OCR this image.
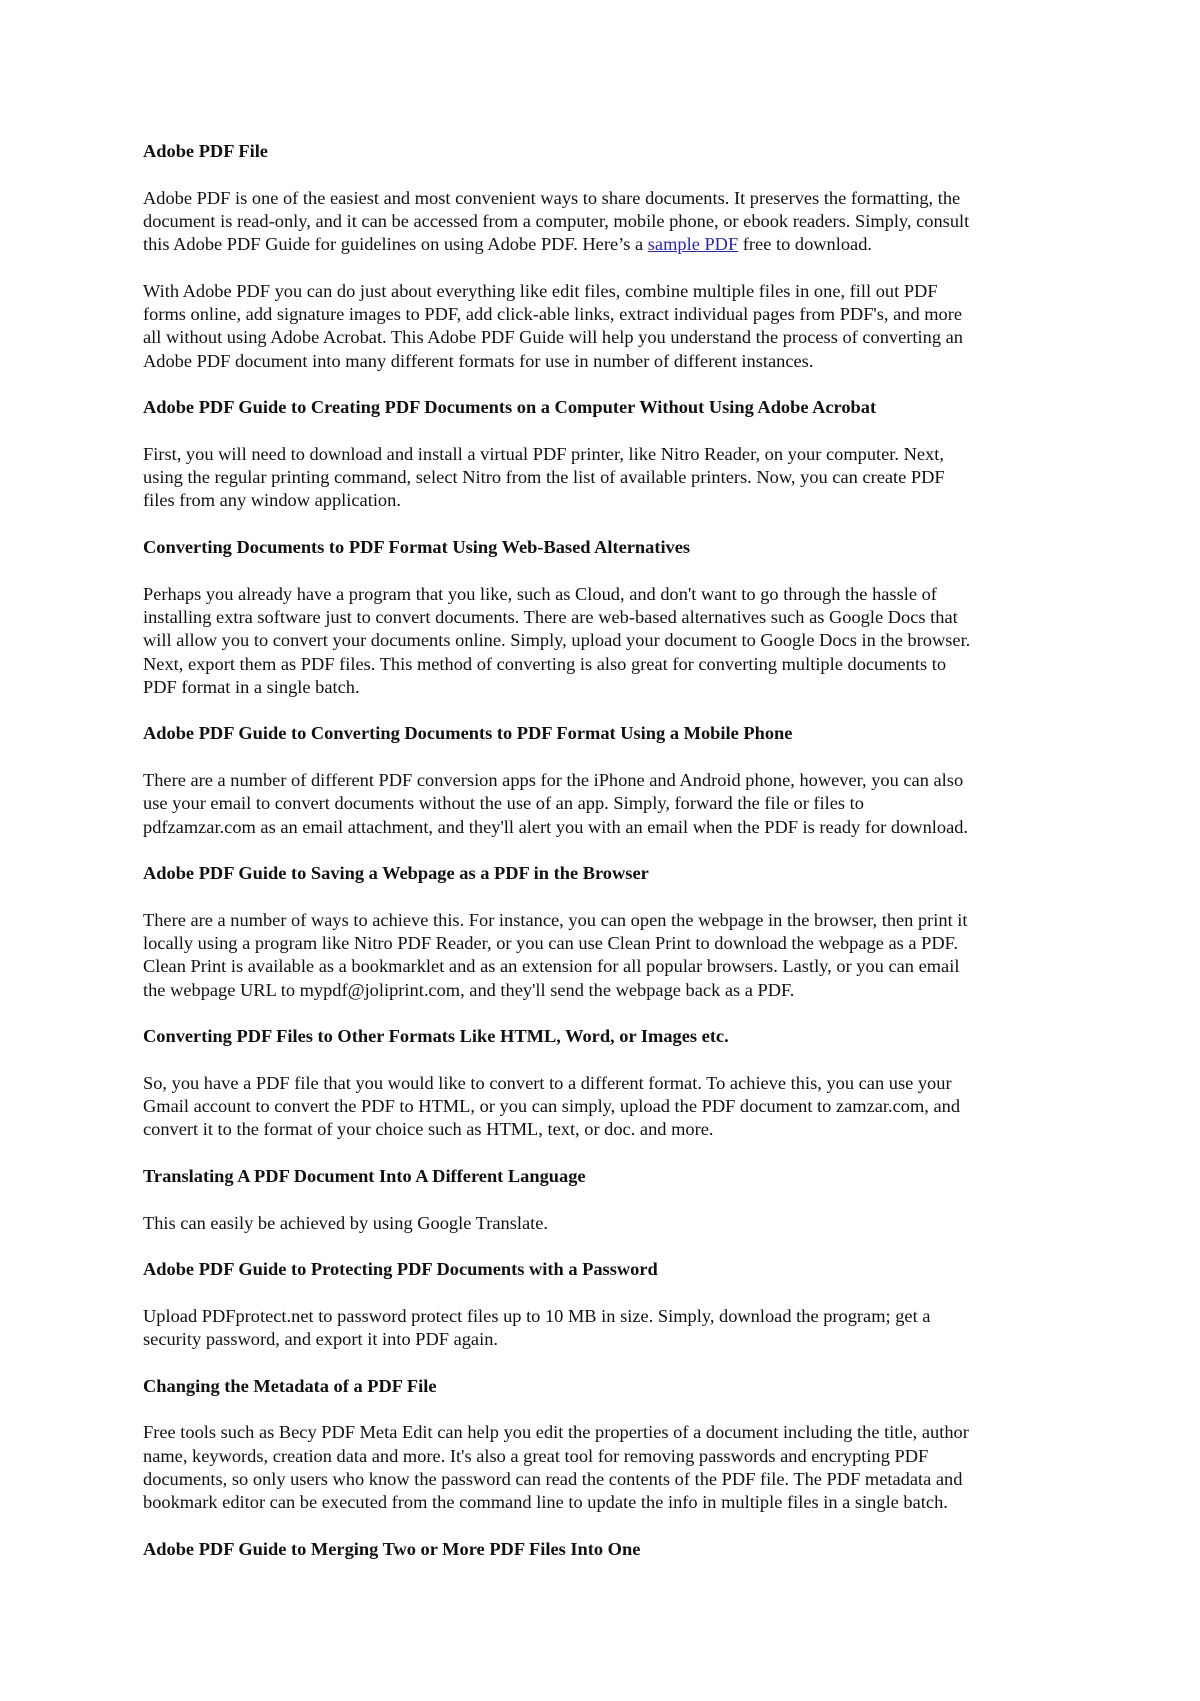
Adobe PDF File
Adobe PDF is one of the easiest and most convenient ways to share documents. It preserves the formatting, the
document is read-only, and it can be accessed from a computer, mobile phone, or ebook readers. Simply, consult
this Adobe PDF Guide for guidelines on using Adobe PDF. Here’s a sample PDF free to download.
With Adobe PDF you can do just about everything like edit files, combine multiple files in one, fill out PDF
forms online, add signature images to PDF, add click-able links, extract individual pages from PDF's, and more
all without using Adobe Acrobat. This Adobe PDF Guide will help you understand the process of converting an
Adobe PDF document into many different formats for use in number of different instances.
Adobe PDF Guide to Creating PDF Documents on a Computer Without Using Adobe Acrobat
First, you will need to download and install a virtual PDF printer, like Nitro Reader, on your computer. Next,
using the regular printing command, select Nitro from the list of available printers. Now, you can create PDF
files from any window application.
Converting Documents to PDF Format Using Web-Based Alternatives
Perhaps you already have a program that you like, such as Cloud, and don't want to go through the hassle of
installing extra software just to convert documents. There are web-based alternatives such as Google Docs that
will allow you to convert your documents online. Simply, upload your document to Google Docs in the browser.
Next, export them as PDF files. This method of converting is also great for converting multiple documents to
PDF format in a single batch.
Adobe PDF Guide to Converting Documents to PDF Format Using a Mobile Phone
There are a number of different PDF conversion apps for the iPhone and Android phone, however, you can also
use your email to convert documents without the use of an app. Simply, forward the file or files to
pdfzamzar.com as an email attachment, and they'll alert you with an email when the PDF is ready for download.
Adobe PDF Guide to Saving a Webpage as a PDF in the Browser
There are a number of ways to achieve this. For instance, you can open the webpage in the browser, then print it
locally using a program like Nitro PDF Reader, or you can use Clean Print to download the webpage as a PDF.
Clean Print is available as a bookmarklet and as an extension for all popular browsers. Lastly, or you can email
the webpage URL to mypdf@joliprint.com, and they'll send the webpage back as a PDF.
Converting PDF Files to Other Formats Like HTML, Word, or Images etc.
So, you have a PDF file that you would like to convert to a different format. To achieve this, you can use your
Gmail account to convert the PDF to HTML, or you can simply, upload the PDF document to zamzar.com, and
convert it to the format of your choice such as HTML, text, or doc. and more.
Translating A PDF Document Into A Different Language
This can easily be achieved by using Google Translate.
Adobe PDF Guide to Protecting PDF Documents with a Password
Upload PDFprotect.net to password protect files up to 10 MB in size. Simply, download the program; get a
security password, and export it into PDF again.
Changing the Metadata of a PDF File
Free tools such as Becy PDF Meta Edit can help you edit the properties of a document including the title, author
name, keywords, creation data and more. It's also a great tool for removing passwords and encrypting PDF
documents, so only users who know the password can read the contents of the PDF file. The PDF metadata and
bookmark editor can be executed from the command line to update the info in multiple files in a single batch.
Adobe PDF Guide to Merging Two or More PDF Files Into One
